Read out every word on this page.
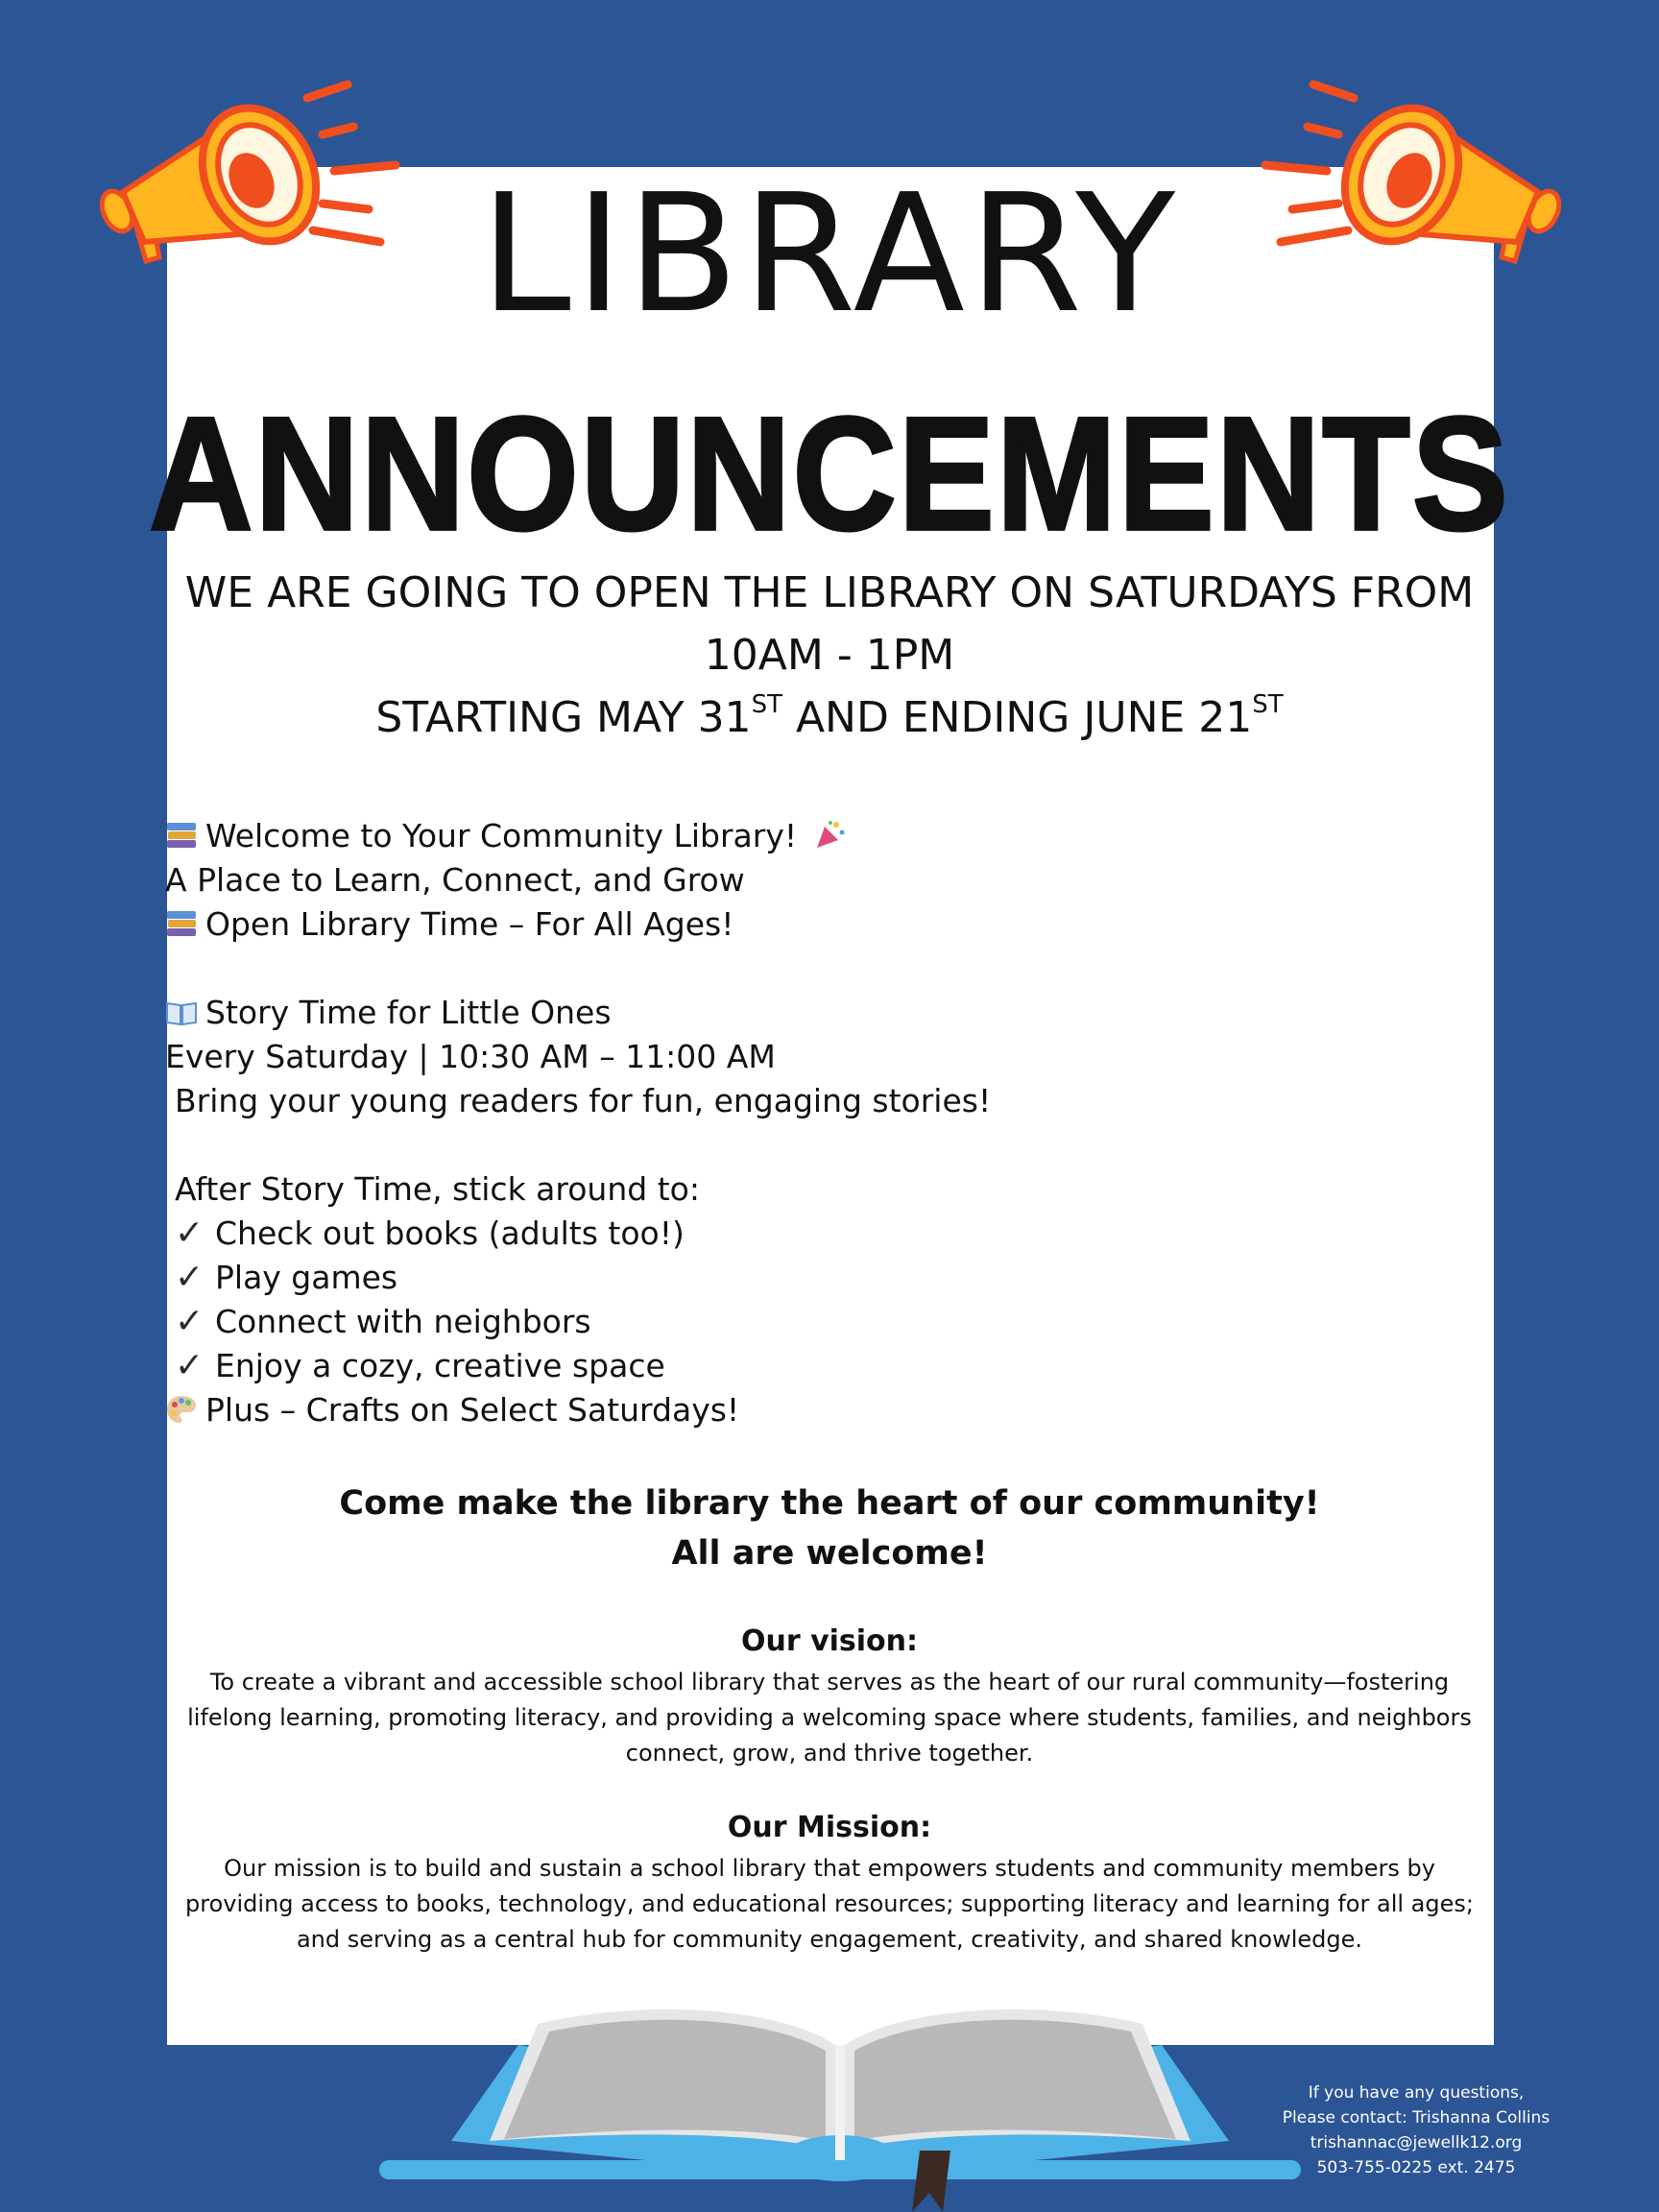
LIBRARY
ANNOUNCEMENTS
WE ARE GOING TO OPEN THE LIBRARY ON SATURDAYS FROM
10AM - 1PM
STARTING MAY 31ST AND ENDING JUNE 21ST
Welcome to Your Community Library!
A Place to Learn, Connect, and Grow
Open Library Time – For All Ages!
Story Time for Little Ones
Every Saturday | 10:30 AM – 11:00 AM
Bring your young readers for fun, engaging stories!
After Story Time, stick around to:
✓ Check out books (adults too!)
✓ Play games
✓ Connect with neighbors
✓ Enjoy a cozy, creative space
Plus – Crafts on Select Saturdays!
Come make the library the heart of our community!
All are welcome!
Our vision:
To create a vibrant and accessible school library that serves as the heart of our rural community—fostering
lifelong learning, promoting literacy, and providing a welcoming space where students, families, and neighbors
connect, grow, and thrive together.
Our Mission:
Our mission is to build and sustain a school library that empowers students and community members by
providing access to books, technology, and educational resources; supporting literacy and learning for all ages;
and serving as a central hub for community engagement, creativity, and shared knowledge.
If you have any questions,
Please contact: Trishanna Collins
trishannac@jewellk12.org
503-755-0225 ext. 2475
